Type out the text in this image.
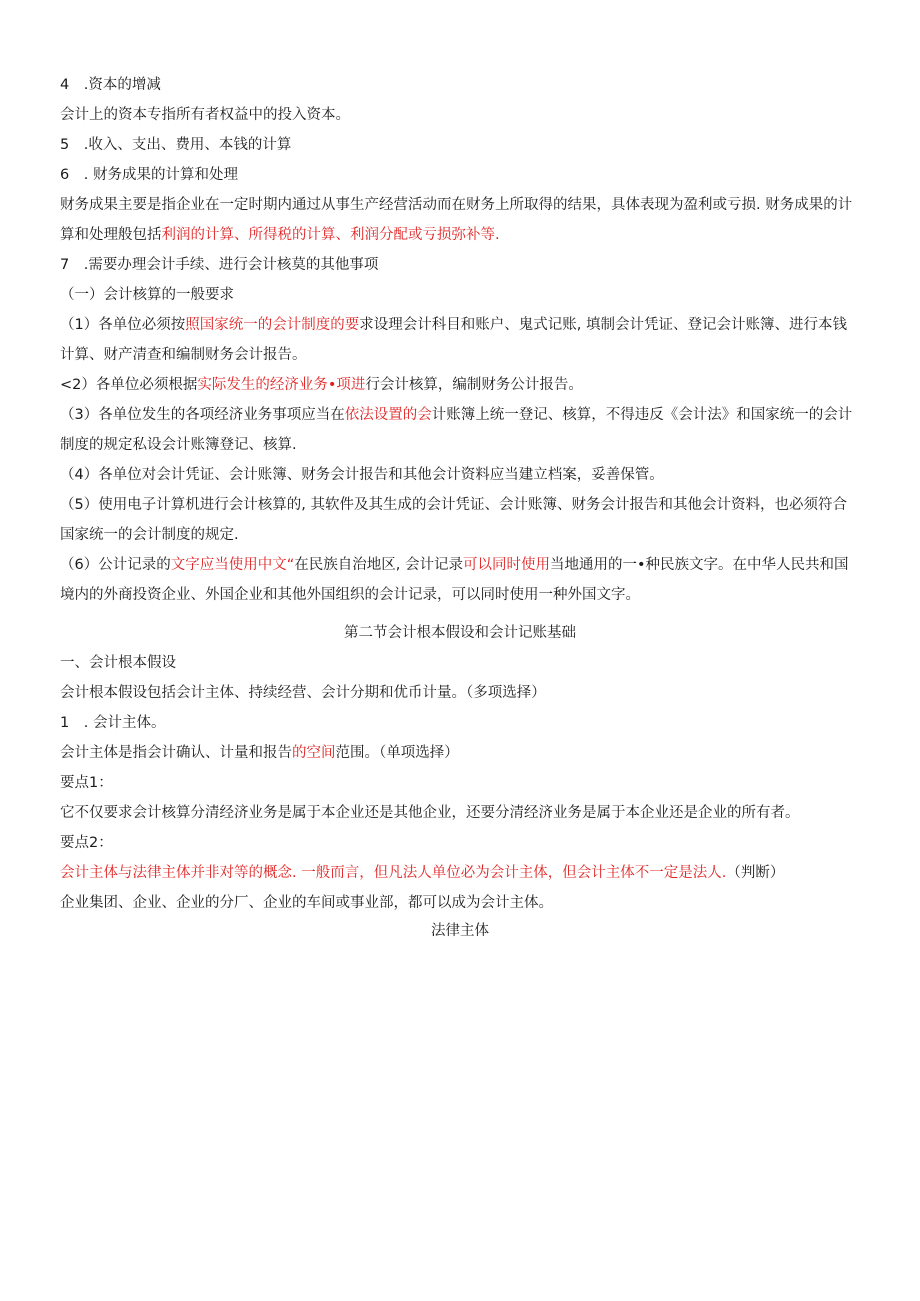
4　.资本的增减
会计上的资本专指所有者权益中的投入资本。
5　.收入、支出、费用、本钱的计算
6　. 财务成果的计算和处理
财务成果主要是指企业在一定时期内通过从事生产经营活动而在财务上所取得的结果，具体表现为盈利或亏损. 财务成果的计算和处理般包括利润的计算、所得税的计算、利润分配或亏损弥补等.
7　.需要办理会计手续、进行会计核莫的其他事项
（一）会计核算的一般要求
（1）各单位必须按照国家统一的会计制度的要求设理会计科目和账户、鬼式记账, 填制会计凭证、登记会计账簿、进行本钱计算、财产清查和编制财务会计报告。
<2）各单位必须根据实际发生的经济业务•项进行会计核算，编制财务公计报告。
（3）各单位发生的各项经济业务事项应当在依法设置的会计账簿上统一登记、核算，不得违反《会计法》和国家统一的会计制度的规定私设会计账簿登记、核算.
（4）各单位对会计凭证、会计账簿、财务会计报告和其他会计资料应当建立档案，妥善保管。
（5）使用电子计算机进行会计核算的, 其软件及其生成的会计凭证、会计账簿、财务会计报告和其他会计资料，也必须符合国家统一的会计制度的规定.
（6）公计记录的文字应当使用中文“在民族自治地区, 会计记录可以同时使用当地通用的一•种民族文字。在中华人民共和国境内的外商投资企业、外国企业和其他外国组织的会计记录，可以同时使用一种外国文字。
第二节会计根本假设和会计记账基础
一、会计根本假设
会计根本假设包括会计主体、持续经营、会计分期和优币计量。（多项选择）
1　. 会计主体。
会计主体是指会计确认、计量和报告的空间范围。（单项选择）
要点1：
它不仅要求会计核算分清经济业务是属于本企业还是其他企业，还要分清经济业务是属于本企业还是企业的所有者。
要点2：
会计主体与法律主体并非对等的概念. 一般而言，但凡法人单位必为会计主体，但会计主体不一定是法人.（判断）
企业集团、企业、企业的分厂、企业的车间或事业部，都可以成为会计主体。
法律主体
